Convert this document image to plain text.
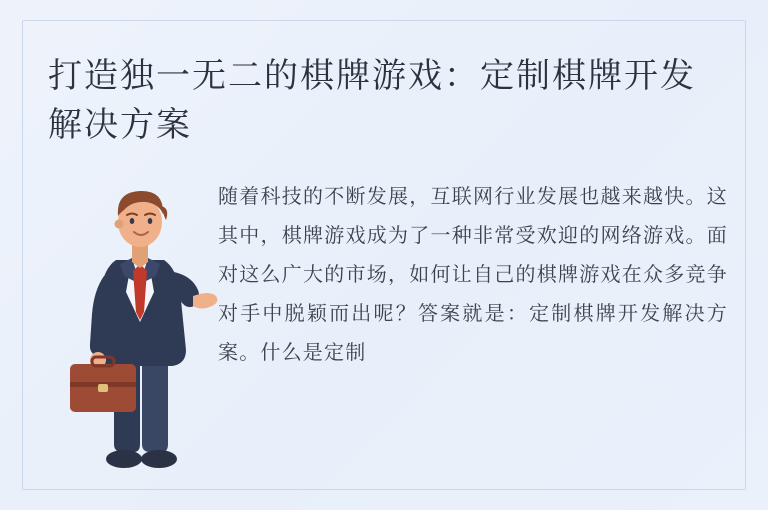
打造独一无二的棋牌游戏：定制棋牌开发解决方案
随着科技的不断发展，互联网行业发展也越来越快。这其中，棋牌游戏成为了一种非常受欢迎的网络游戏。面对这么广大的市场，如何让自己的棋牌游戏在众多竞争对手中脱颖而出呢？答案就是：定制棋牌开发解决方案。什么是定制
